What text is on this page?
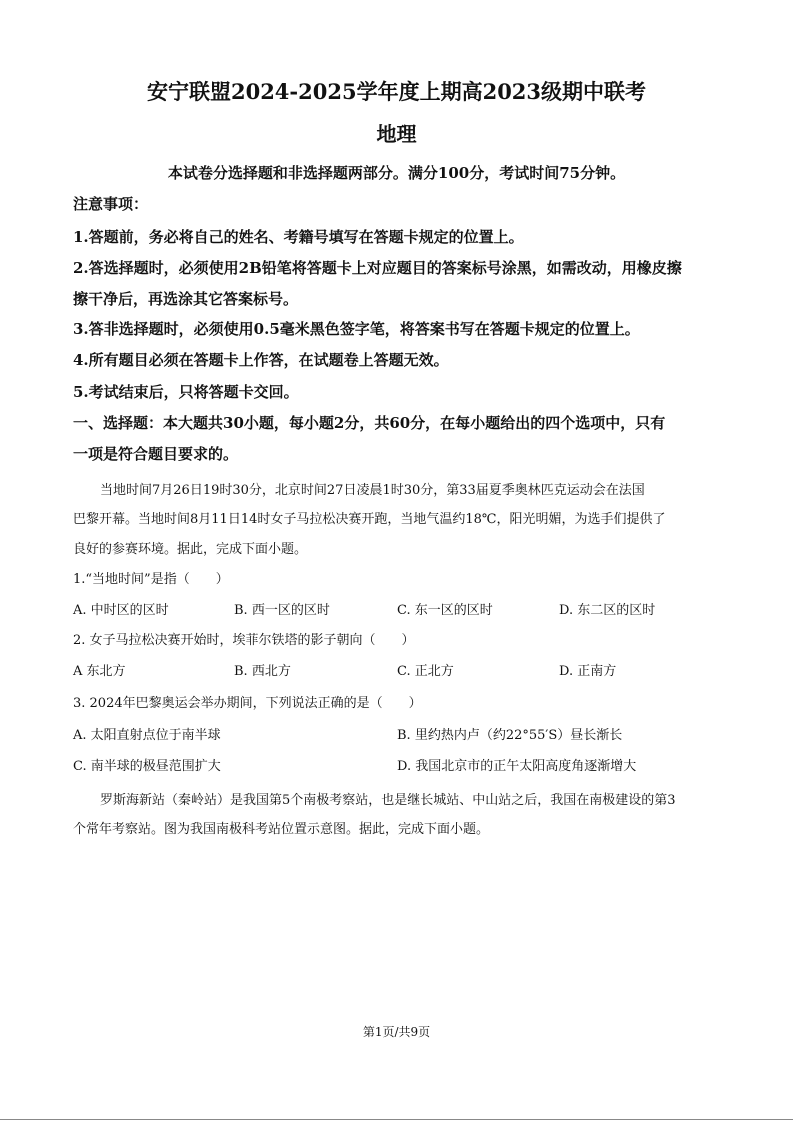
安宁联盟2024-2025学年度上期高2023级期中联考
地理
本试卷分选择题和非选择题两部分。满分100分，考试时间75分钟。
注意事项：
1.答题前，务必将自己的姓名、考籍号填写在答题卡规定的位置上。
2.答选择题时，必须使用2B铅笔将答题卡上对应题目的答案标号涂黑，如需改动，用橡皮擦
擦干净后，再选涂其它答案标号。
3.答非选择题时，必须使用0.5毫米黑色签字笔，将答案书写在答题卡规定的位置上。
4.所有题目必须在答题卡上作答，在试题卷上答题无效。
5.考试结束后，只将答题卡交回。
一、选择题：本大题共30小题，每小题2分，共60分，在每小题给出的四个选项中，只有
一项是符合题目要求的。
当地时间7月26日19时30分，北京时间27日凌晨1时30分，第33届夏季奥林匹克运动会在法国
巴黎开幕。当地时间8月11日14时女子马拉松决赛开跑，当地气温约18℃，阳光明媚，为选手们提供了
良好的参赛环境。据此，完成下面小题。
1.“当地时间”是指（　　）
A. 中时区的区时	B. 西一区的区时	C. 东一区的区时	D. 东二区的区时
2. 女子马拉松决赛开始时，埃菲尔铁塔的影子朝向（　　）
A 东北方	B. 西北方	C. 正北方	D. 正南方
3. 2024年巴黎奥运会举办期间，下列说法正确的是（　　）
A. 太阳直射点位于南半球	B. 里约热内卢（约22°55′S）昼长渐长
C. 南半球的极昼范围扩大	D. 我国北京市的正午太阳高度角逐渐增大
罗斯海新站（秦岭站）是我国第5个南极考察站，也是继长城站、中山站之后，我国在南极建设的第3
个常年考察站。图为我国南极科考站位置示意图。据此，完成下面小题。
第1页/共9页
